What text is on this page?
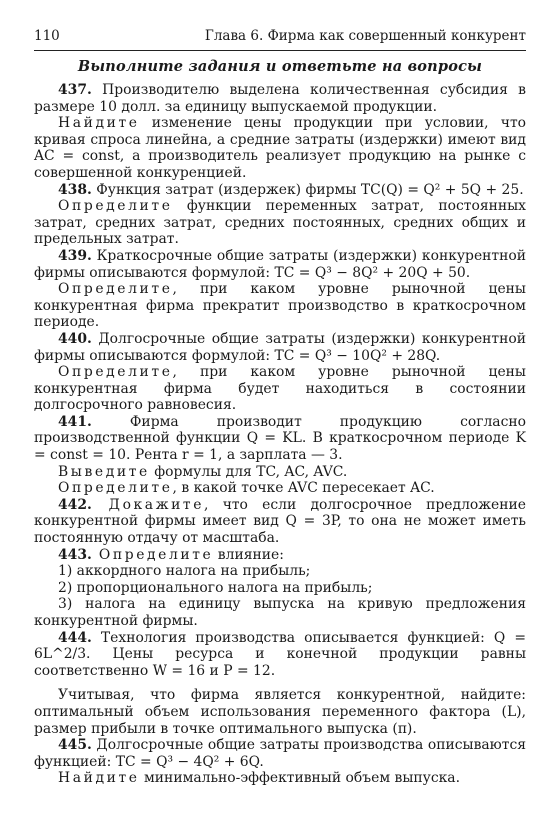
110	Глава 6. Фирма как совершенный конкурент
Выполните задания и ответьте на вопросы

437. Производителю выделена количественная субсидия в размере 10 долл. за единицу выпускаемой продукции.

Найдите изменение цены продукции при условии, что кривая спроса линейна, а средние затраты (издержки) имеют вид AC = const, а производитель реализует продукцию на рынке с совершенной конкуренцией.

438. Функция затрат (издержек) фирмы TC(Q) = Q² + 5Q + 25.

Определите функции переменных затрат, постоянных затрат, средних затрат, средних постоянных, средних общих и предельных затрат.

439. Краткосрочные общие затраты (издержки) конкурентной фирмы описываются формулой: TC = Q³ − 8Q² + 20Q + 50.

Определите, при каком уровне рыночной цены конкурентная фирма прекратит производство в краткосрочном периоде.

440. Долгосрочные общие затраты (издержки) конкурентной фирмы описываются формулой: TC = Q³ − 10Q² + 28Q.

Определите, при каком уровне рыночной цены конкурентная фирма будет находиться в состоянии долгосрочного равновесия.

441. Фирма производит продукцию согласно производственной функции Q = KL. В краткосрочном периоде K = const = 10. Рента r = 1, а зарплата — 3.

Выведите формулы для TC, AC, AVC.

Определите, в какой точке AVC пересекает AC.

442. Докажите, что если долгосрочное предложение конкурентной фирмы имеет вид Q = 3P, то она не может иметь постоянную отдачу от масштаба.

443. Определите влияние:

1) аккордного налога на прибыль;

2) пропорционального налога на прибыль;

3) налога на единицу выпуска на кривую предложения конкурентной фирмы.

444. Технология производства описывается функцией: Q = 6L^2/3. Цены ресурса и конечной продукции равны соответственно W = 16 и P = 12.

Учитывая, что фирма является конкурентной, найдите: оптимальный объем использования переменного фактора (L), размер прибыли в точке оптимального выпуска (π).

445. Долгосрочные общие затраты производства описываются функцией: TC = Q³ − 4Q² + 6Q.

Найдите минимально-эффективный объем выпуска.
